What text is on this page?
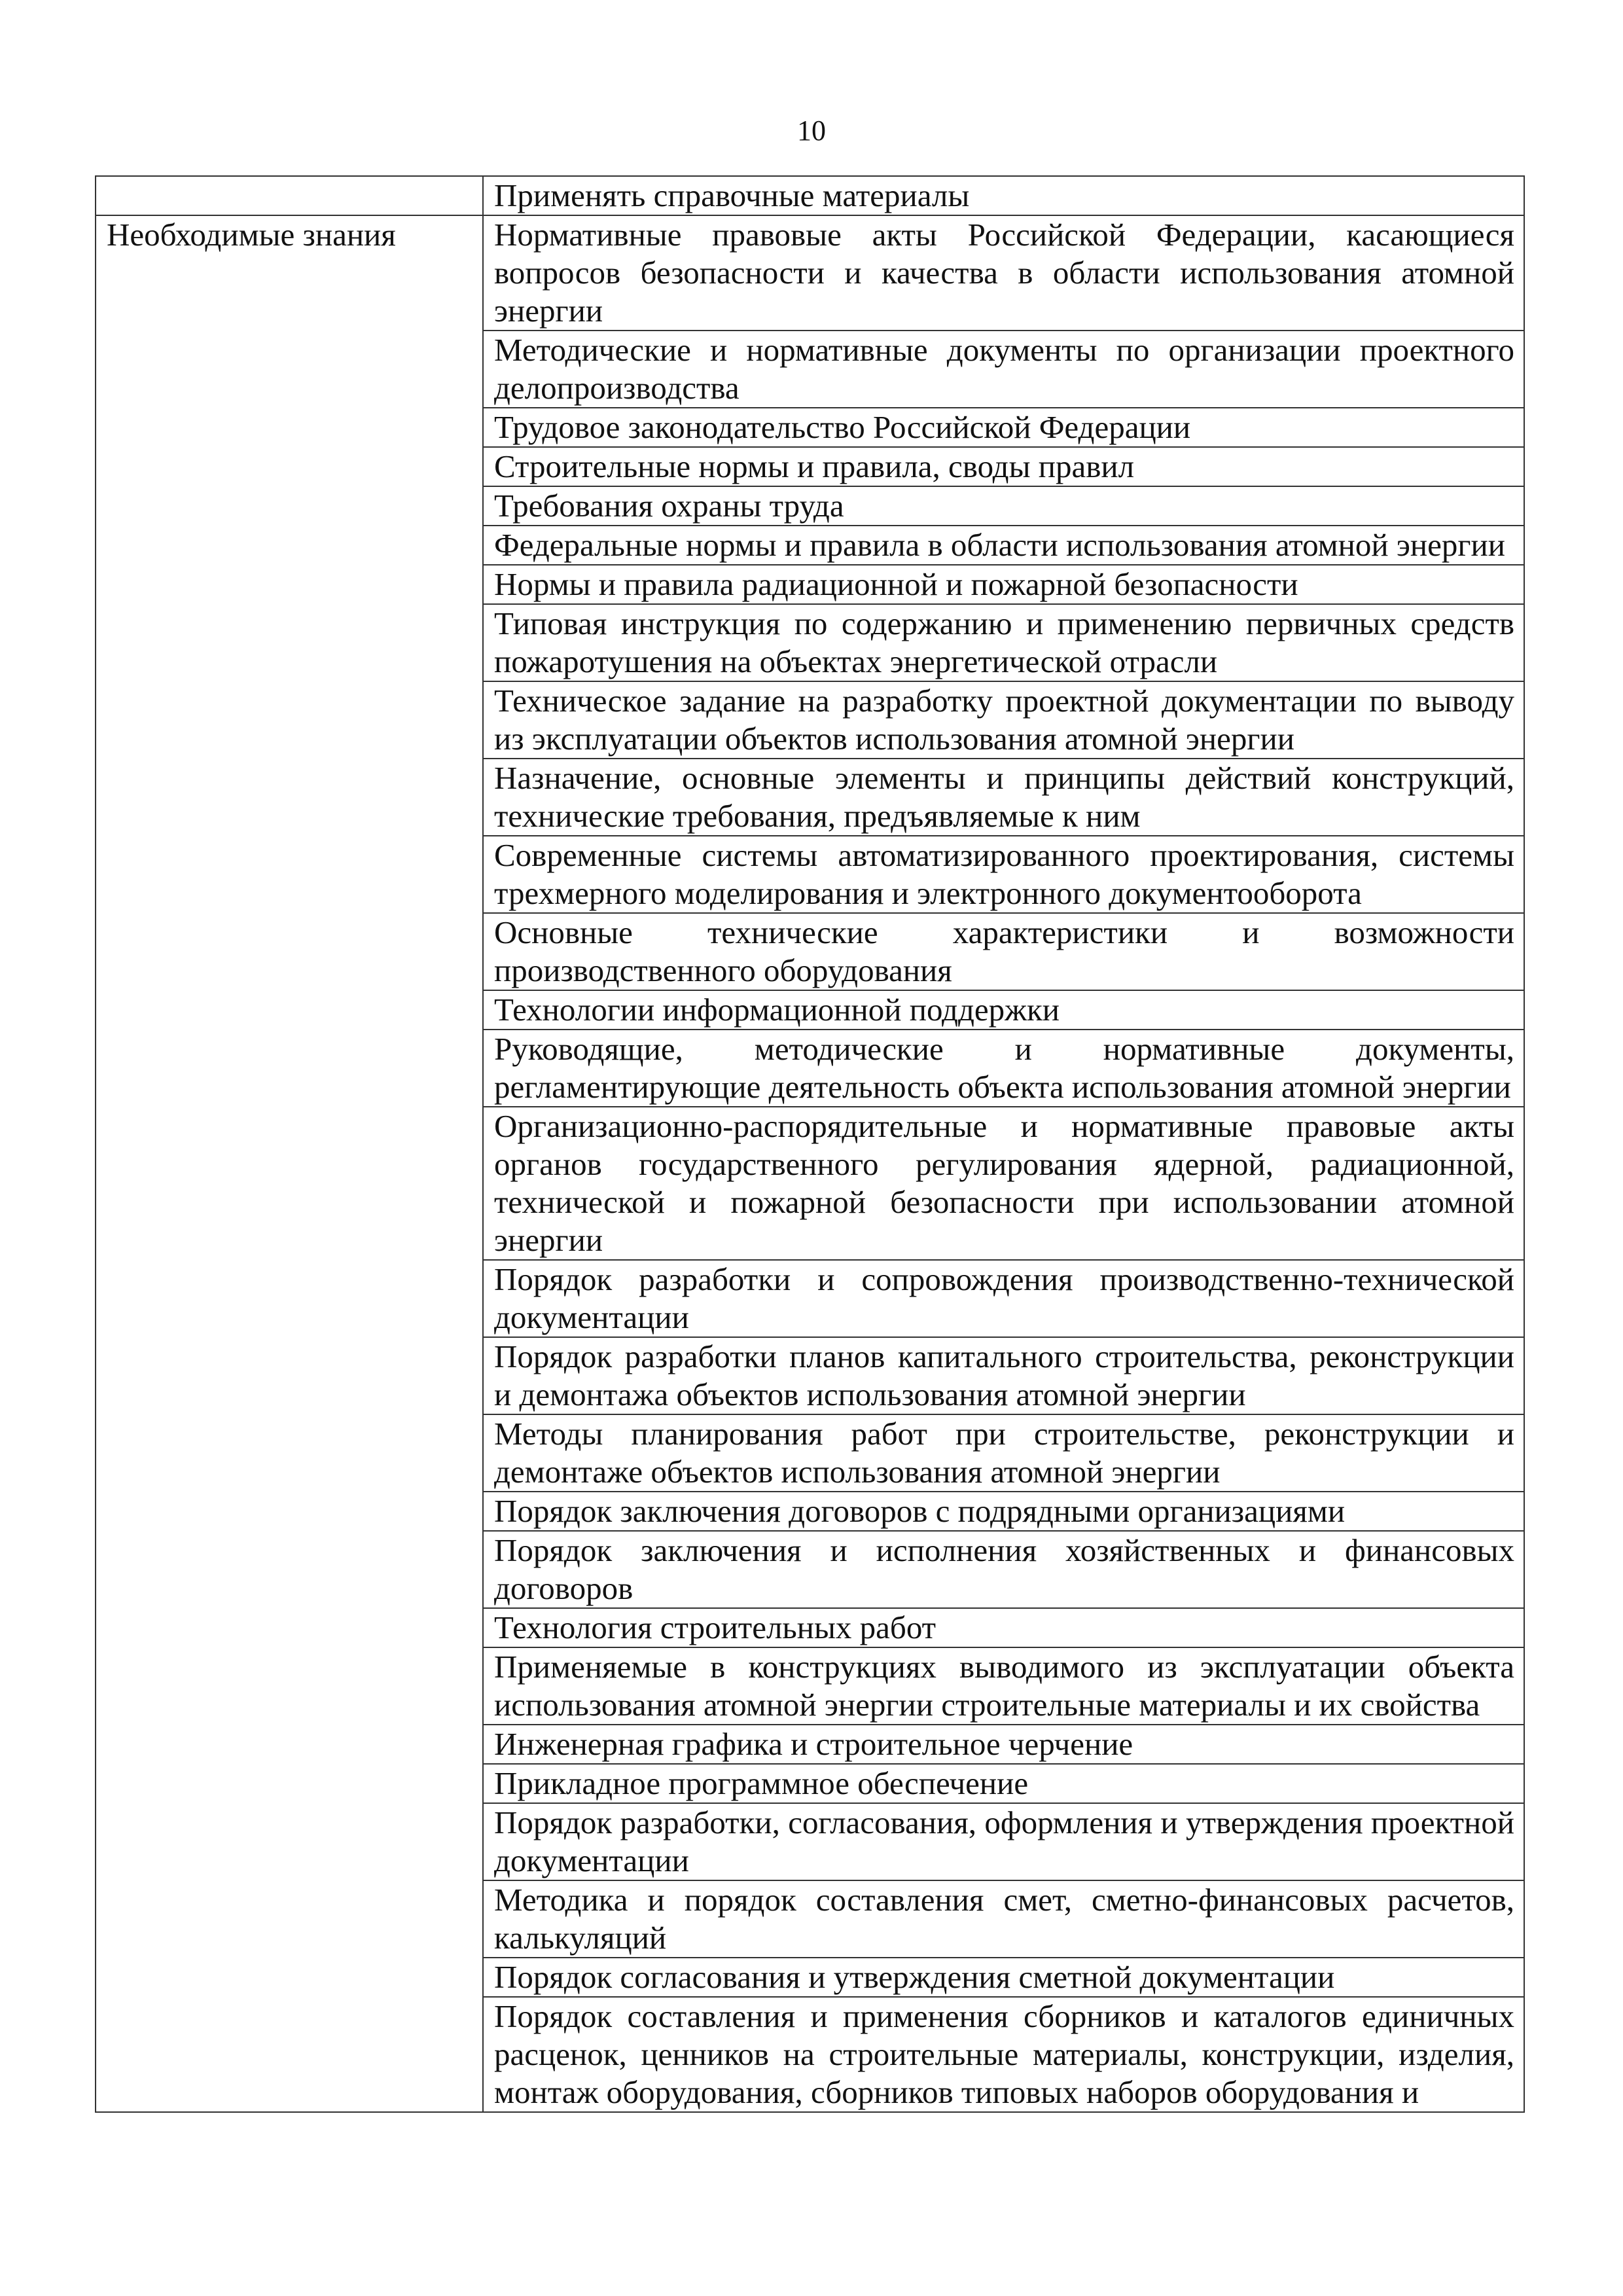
10
	Применять справочные материалы
Необходимые знания	Нормативные правовые акты Российской Федерации, касающиеся вопросов безопасности и качества в области использования атомной энергии
	Методические и нормативные документы по организации проектного делопроизводства
	Трудовое законодательство Российской Федерации
	Строительные нормы и правила, своды правил
	Требования охраны труда
	Федеральные нормы и правила в области использования атомной энергии
	Нормы и правила радиационной и пожарной безопасности
	Типовая инструкция по содержанию и применению первичных средств пожаротушения на объектах энергетической отрасли
	Техническое задание на разработку проектной документации по выводу из эксплуатации объектов использования атомной энергии
	Назначение, основные элементы и принципы действий конструкций, технические требования, предъявляемые к ним
	Современные системы автоматизированного проектирования, системы трехмерного моделирования и электронного документооборота
	Основные технические характеристики и возможности производственного оборудования
	Технологии информационной поддержки
	Руководящие, методические и нормативные документы, регламентирующие деятельность объекта использования атомной энергии
	Организационно-распорядительные и нормативные правовые акты органов государственного регулирования ядерной, радиационной, технической и пожарной безопасности при использовании атомной энергии
	Порядок разработки и сопровождения производственно-технической документации
	Порядок разработки планов капитального строительства, реконструкции и демонтажа объектов использования атомной энергии
	Методы планирования работ при строительстве, реконструкции и демонтаже объектов использования атомной энергии
	Порядок заключения договоров с подрядными организациями
	Порядок заключения и исполнения хозяйственных и финансовых договоров
	Технология строительных работ
	Применяемые в конструкциях выводимого из эксплуатации объекта использования атомной энергии строительные материалы и их свойства
	Инженерная графика и строительное черчение
	Прикладное программное обеспечение
	Порядок разработки, согласования, оформления и утверждения проектной документации
	Методика и порядок составления смет, сметно-финансовых расчетов, калькуляций
	Порядок согласования и утверждения сметной документации
	Порядок составления и применения сборников и каталогов единичных расценок, ценников на строительные материалы, конструкции, изделия, монтаж оборудования, сборников типовых наборов оборудования и
